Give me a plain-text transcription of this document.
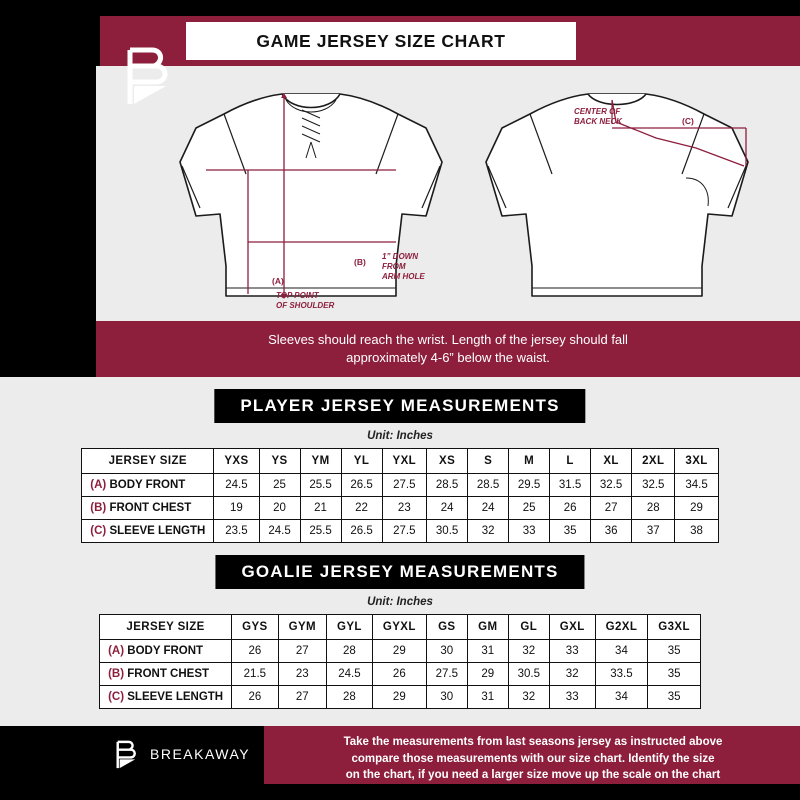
GAME JERSEY SIZE CHART
(A)
(B)
1” DOWN
FROM
ARM HOLE
TOP POINT
OF SHOULDER
CENTER OF
BACK NECK	(C)
Sleeves should reach the wrist. Length of the jersey should fall
approximately 4-6” below the waist.
PLAYER JERSEY MEASUREMENTS
Unit: Inches
JERSEY SIZE	YXS	YS	YM	YL	YXL	XS	S	M	L	XL	2XL	3XL
(A) BODY FRONT	24.5	25	25.5	26.5	27.5	28.5	28.5	29.5	31.5	32.5	32.5	34.5
(B) FRONT CHEST	19	20	21	22	23	24	24	25	26	27	28	29
(C) SLEEVE LENGTH	23.5	24.5	25.5	26.5	27.5	30.5	32	33	35	36	37	38
GOALIE JERSEY MEASUREMENTS
Unit: Inches
JERSEY SIZE	GYS	GYM	GYL	GYXL	GS	GM	GL	GXL	G2XL	G3XL
(A) BODY FRONT	26	27	28	29	30	31	32	33	34	35
(B) FRONT CHEST	21.5	23	24.5	26	27.5	29	30.5	32	33.5	35
(C) SLEEVE LENGTH	26	27	28	29	30	31	32	33	34	35
BREAKAWAY
Take the measurements from last seasons jersey as instructed above
compare those measurements with our size chart. Identify the size
on the chart, if you need a larger size move up the scale on the chart
